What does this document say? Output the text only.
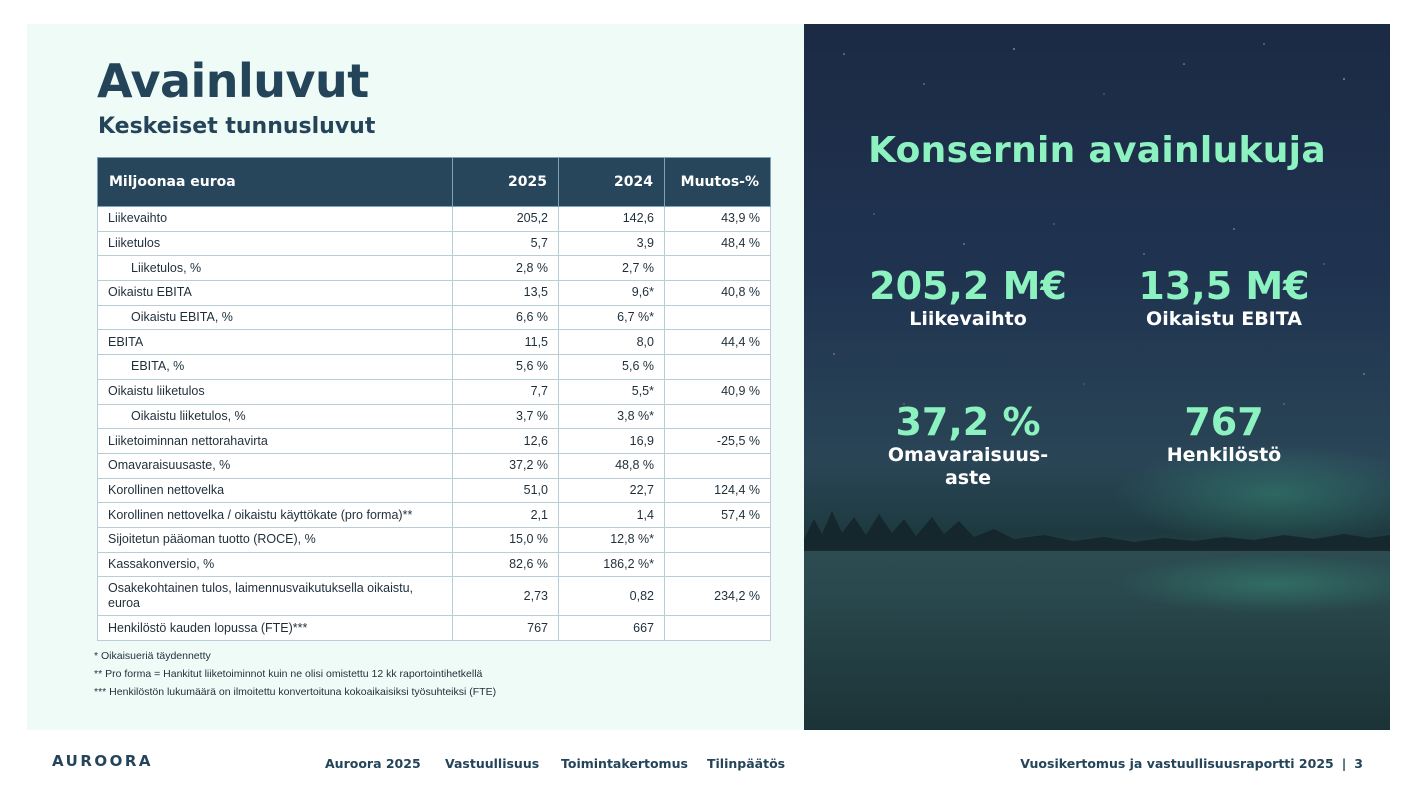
Avainluvut
Keskeiset tunnusluvut
Miljoonaa euroa	2025	2024	Muutos-%
Liikevaihto	205,2	142,6	43,9 %
Liiketulos	5,7	3,9	48,4 %
Liiketulos, %	2,8 %	2,7 %	
Oikaistu EBITA	13,5	9,6*	40,8 %
Oikaistu EBITA, %	6,6 %	6,7 %*	
EBITA	11,5	8,0	44,4 %
EBITA, %	5,6 %	5,6 %	
Oikaistu liiketulos	7,7	5,5*	40,9 %
Oikaistu liiketulos, %	3,7 %	3,8 %*	
Liiketoiminnan nettorahavirta	12,6	16,9	-25,5 %
Omavaraisuusaste, %	37,2 %	48,8 %	
Korollinen nettovelka	51,0	22,7	124,4 %
Korollinen nettovelka / oikaistu käyttökate (pro forma)**	2,1	1,4	57,4 %
Sijoitetun pääoman tuotto (ROCE), %	15,0 %	12,8 %*	
Kassakonversio, %	82,6 %	186,2 %*	
Osakekohtainen tulos, laimennusvaikutuksella oikaistu, euroa	2,73	0,82	234,2 %
Henkilöstö kauden lopussa (FTE)***	767	667	
* Oikaisueriä täydennetty
** Pro forma = Hankitut liiketoiminnot kuin ne olisi omistettu 12 kk raportointihetkellä
*** Henkilöstön lukumäärä on ilmoitettu konvertoituna kokoaikaisiksi työsuhteiksi (FTE)
Konsernin avainlukuja
205,2 M€
Liikevaihto
13,5 M€
Oikaistu EBITA
37,2 %
Omavaraisuus-aste
767
Henkilöstö
AUROORA	Auroora 2025 Vastuullisuus Toimintakertomus Tilinpäätös	Vuosikertomus ja vastuullisuusraportti 2025 | 3
